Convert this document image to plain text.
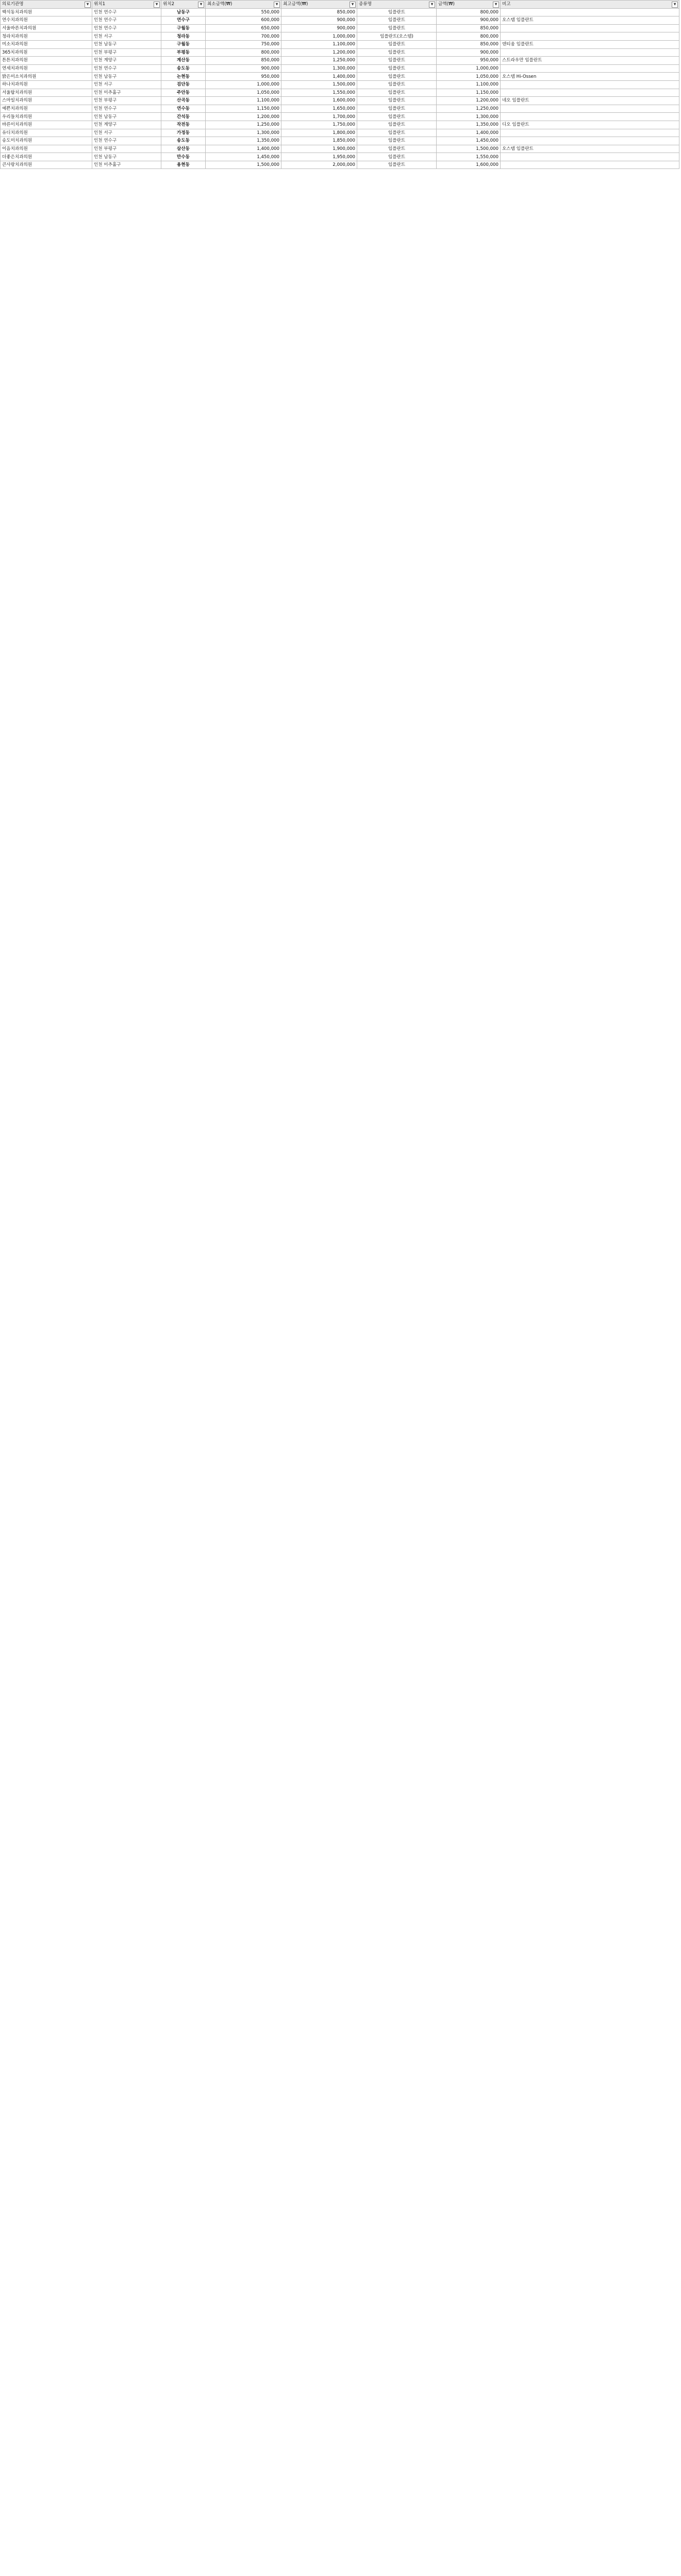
의료기관명 ▼	위치1 ▼	위치2 ▼	최소금액(₩) ▼	최고금액(₩) ▼	종류명 ▼	금액(₩) ▼	비고 ▼

백석동치과의원	인천 연수구	남동구	550,000	850,000	임플란트	800,000	
연수치과의원	인천 연수구	연수구	600,000	900,000	임플란트	900,000	오스템 임플란트
서울바른치과의원	인천 연수구	구월동	650,000	900,000	임플란트	850,000	
청라치과의원	인천 서구	청라동	700,000	1,000,000	임플란트(오스템)	800,000	
미소치과의원	인천 남동구	구월동	750,000	1,100,000	임플란트	850,000	덴티움 임플란트
365치과의원	인천 부평구	부평동	800,000	1,200,000	임플란트	900,000	
튼튼치과의원	인천 계양구	계산동	850,000	1,250,000	임플란트	950,000	스트라우만 임플란트
연세치과의원	인천 연수구	송도동	900,000	1,300,000	임플란트	1,000,000	
밝은미소치과의원	인천 남동구	논현동	950,000	1,400,000	임플란트	1,050,000	오스템 Hi-Ossen
하나치과의원	인천 서구	검단동	1,000,000	1,500,000	임플란트	1,100,000	
서울탑치과의원	인천 미추홀구	주안동	1,050,000	1,550,000	임플란트	1,150,000	
스마일치과의원	인천 부평구	산곡동	1,100,000	1,600,000	임플란트	1,200,000	네오 임플란트
예쁜치과의원	인천 연수구	연수동	1,150,000	1,650,000	임플란트	1,250,000	
우리들치과의원	인천 남동구	간석동	1,200,000	1,700,000	임플란트	1,300,000	
바른이치과의원	인천 계양구	작전동	1,250,000	1,750,000	임플란트	1,350,000	디오 임플란트
유디치과의원	인천 서구	가정동	1,300,000	1,800,000	임플란트	1,400,000	
송도미치과의원	인천 연수구	송도동	1,350,000	1,850,000	임플란트	1,450,000	
이음치과의원	인천 부평구	삼산동	1,400,000	1,900,000	임플란트	1,500,000	오스템 임플란트
더좋은치과의원	인천 남동구	만수동	1,450,000	1,950,000	임플란트	1,550,000	
큰사랑치과의원	인천 미추홀구	용현동	1,500,000	2,000,000	임플란트	1,600,000	
